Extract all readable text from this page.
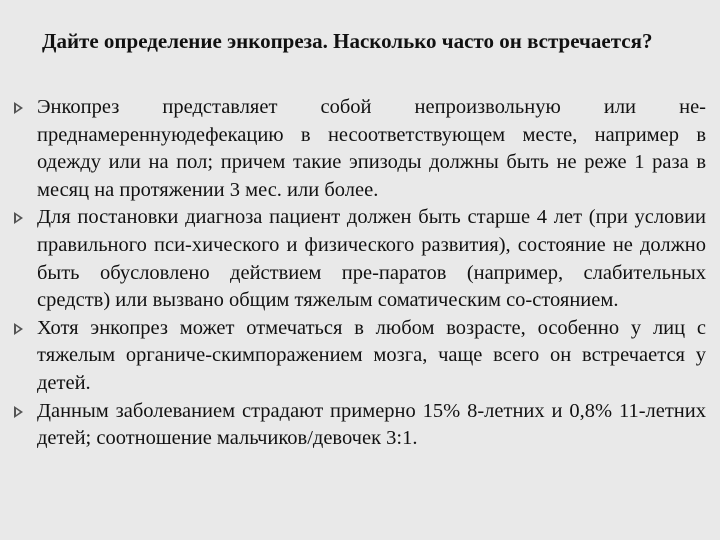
Дайте определение энкопреза. Насколько часто он встречается?
Энкопрез представляет собой непроизвольную или не-преднамереннуюдефекацию в несоответствующем месте, например в одежду или на пол; причем такие эпизоды должны быть не реже 1 раза в месяц на протяжении 3 мес. или более.
Для постановки диагноза пациент должен быть старше 4 лет (при условии правильного пси-хического и физического развития), состояние не должно быть обусловлено действием пре-паратов (например, слабительных средств) или вызвано общим тяжелым соматическим со-стоянием.
Хотя энкопрез может отмечаться в любом возрасте, особенно у лиц с тяжелым органиче-скимпоражением мозга, чаще всего он встречается у детей.
Данным заболеванием страдают примерно 15% 8-летних и 0,8% 11-летних детей; соотношение мальчиков/девочек 3:1.
